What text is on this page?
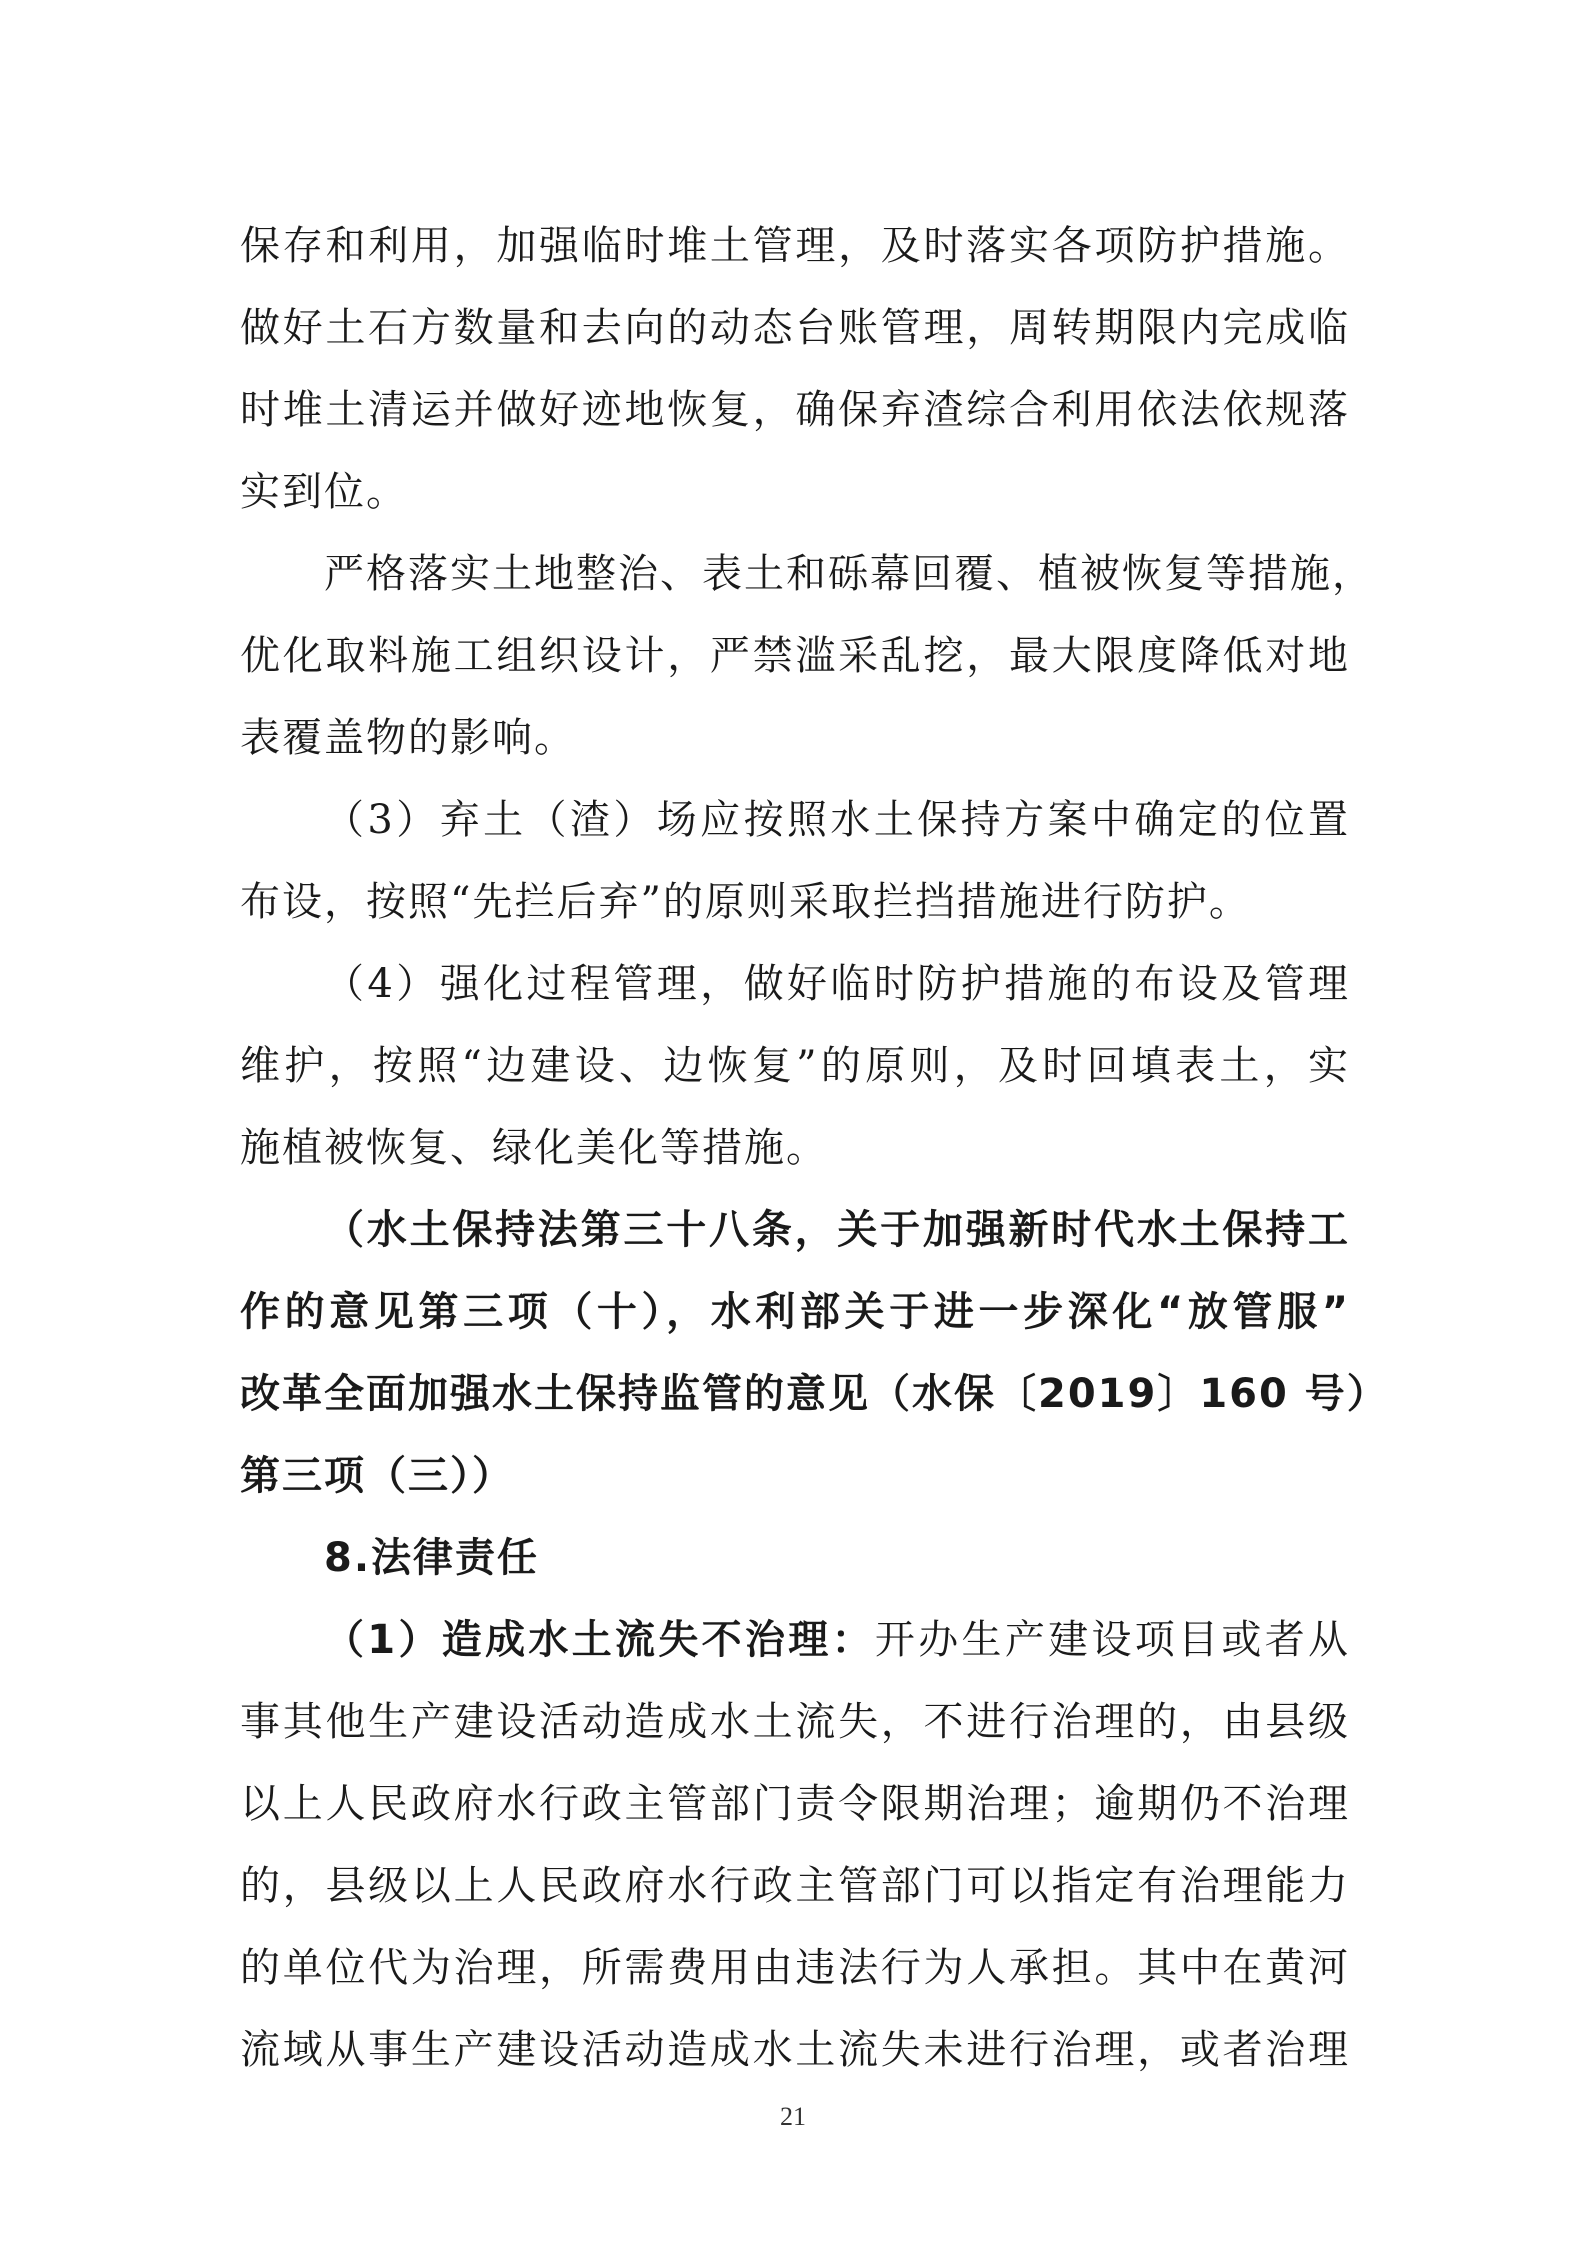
保存和利用，加强临时堆土管理，及时落实各项防护措施。
做好土石方数量和去向的动态台账管理，周转期限内完成临
时堆土清运并做好迹地恢复，确保弃渣综合利用依法依规落
实到位。
严格落实土地整治、表土和砾幕回覆、植被恢复等措施，
优化取料施工组织设计，严禁滥采乱挖，最大限度降低对地
表覆盖物的影响。
（3）弃土（渣）场应按照水土保持方案中确定的位置
布设，按照“先拦后弃”的原则采取拦挡措施进行防护。
（4）强化过程管理，做好临时防护措施的布设及管理
维护，按照“边建设、边恢复”的原则，及时回填表土，实
施植被恢复、绿化美化等措施。
（水土保持法第三十八条，关于加强新时代水土保持工
作的意见第三项（十），水利部关于进一步深化“放管服”
改革全面加强水土保持监管的意见（水保〔2019〕160 号）
第三项（三））
8.法律责任
（1）造成水土流失不治理：开办生产建设项目或者从
事其他生产建设活动造成水土流失，不进行治理的，由县级
以上人民政府水行政主管部门责令限期治理；逾期仍不治理
的，县级以上人民政府水行政主管部门可以指定有治理能力
的单位代为治理，所需费用由违法行为人承担。其中在黄河
流域从事生产建设活动造成水土流失未进行治理，或者治理
21
